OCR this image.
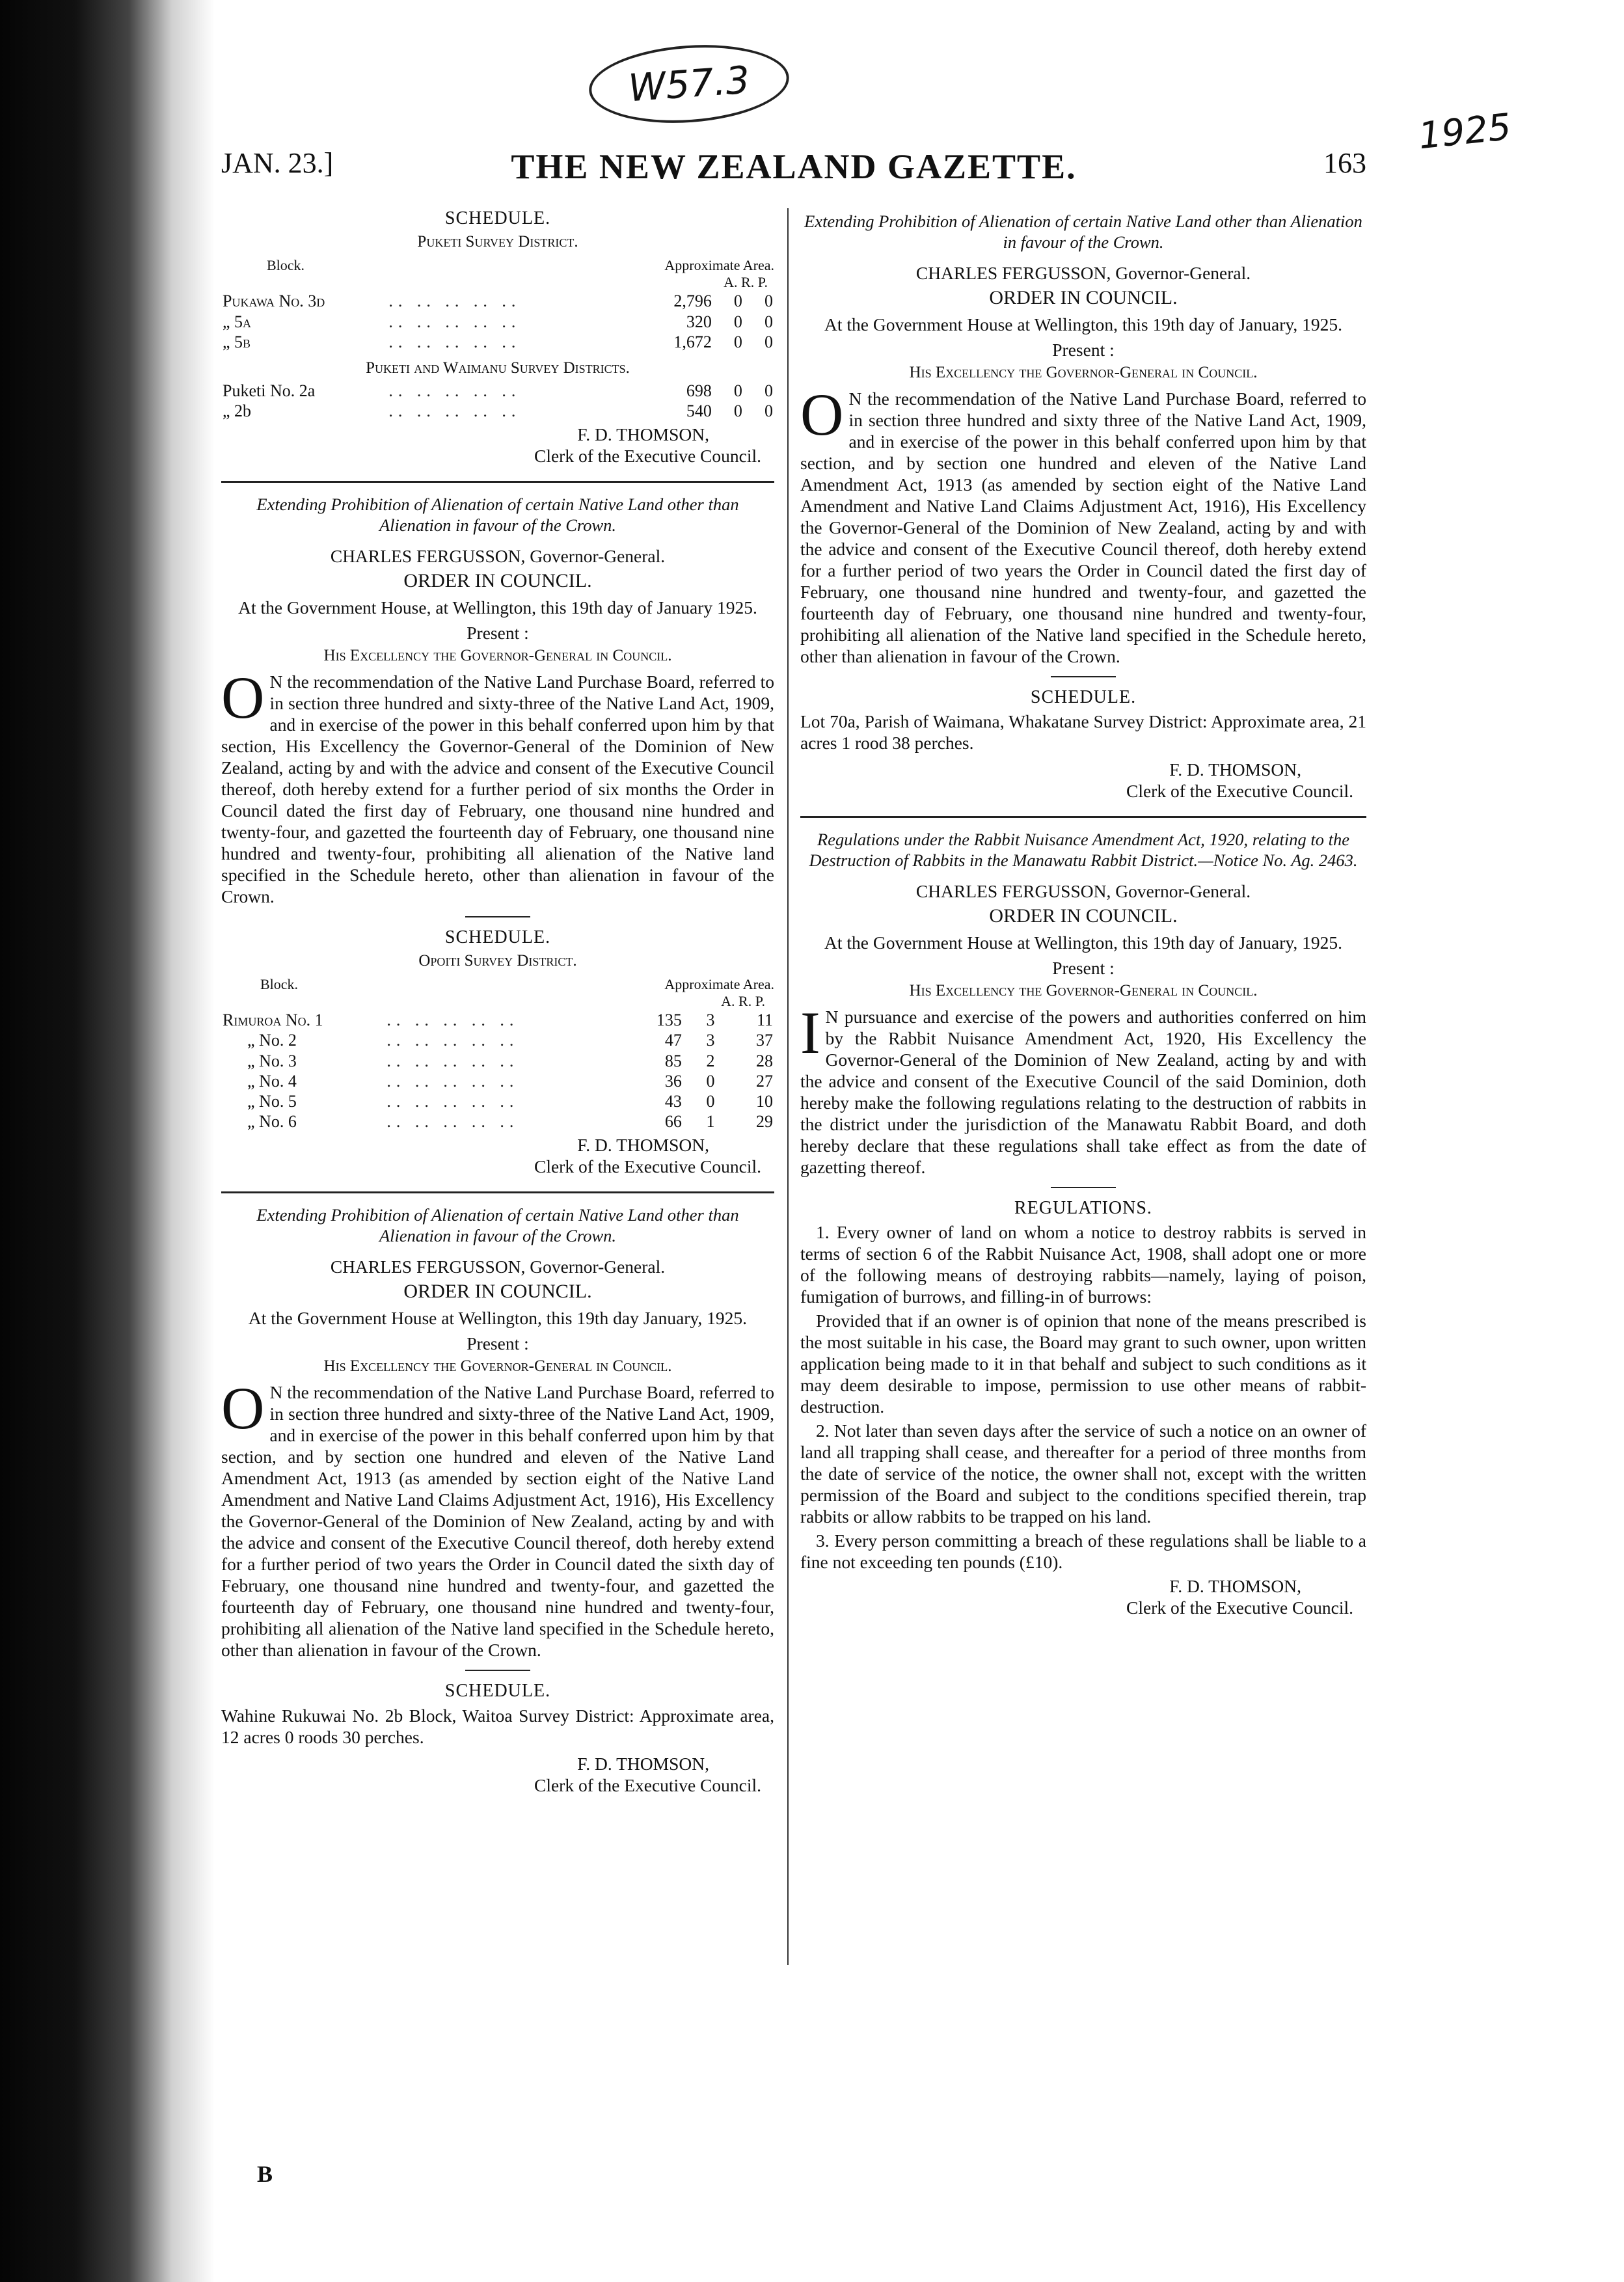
W57.3
1925
THE NEW ZEALAND GAZETTE.
JAN. 23.]	163
SCHEDULE.
Puketi Survey District.
Block.		Approximate Area.		
		A. R. P.		
Pukawa No. 3d	.. .. .. .. ..	2,796	0	0
„ 5a	.. .. .. .. ..	320	0	0
„ 5b	.. .. .. .. ..	1,672	0	0
Puketi and Waimanu Survey Districts.				
Puketi No. 2a	.. .. .. .. ..	698	0	0
„ 2b	.. .. .. .. ..	540	0	0
F. D. THOMSON,
Clerk of the Executive Council.
Extending Prohibition of Alienation of certain Native Land other than Alienation in favour of the Crown.
CHARLES FERGUSSON, Governor-General.
ORDER IN COUNCIL.
At the Government House, at Wellington, this 19th day of January 1925.
Present :
His Excellency the Governor-General in Council.
O N the recommendation of the Native Land Purchase Board, referred to in section three hundred and sixty-three of the Native Land Act, 1909, and in exercise of the power in this behalf conferred upon him by that section, His Excellency the Governor-General of the Dominion of New Zealand, acting by and with the advice and consent of the Executive Council thereof, doth hereby extend for a further period of six months the Order in Council dated the first day of February, one thousand nine hundred and twenty-four, and gazetted the fourteenth day of February, one thousand nine hundred and twenty-four, prohibiting all alienation of the Native land specified in the Schedule hereto, other than alienation in favour of the Crown.
SCHEDULE.
Opoiti Survey District.
Block.		Approximate Area.		
		A. R. P.		
Rimuroa No. 1	.. .. .. .. ..	135	3	11
„ No. 2	.. .. .. .. ..	47	3	37
„ No. 3	.. .. .. .. ..	85	2	28
„ No. 4	.. .. .. .. ..	36	0	27
„ No. 5	.. .. .. .. ..	43	0	10
„ No. 6	.. .. .. .. ..	66	1	29
F. D. THOMSON,
Clerk of the Executive Council.
Extending Prohibition of Alienation of certain Native Land other than Alienation in favour of the Crown.
CHARLES FERGUSSON, Governor-General.
ORDER IN COUNCIL.
At the Government House at Wellington, this 19th day January, 1925.
Present :
His Excellency the Governor-General in Council.
O N the recommendation of the Native Land Purchase Board, referred to in section three hundred and sixty-three of the Native Land Act, 1909, and in exercise of the power in this behalf conferred upon him by that section, and by section one hundred and eleven of the Native Land Amendment Act, 1913 (as amended by section eight of the Native Land Amendment and Native Land Claims Adjustment Act, 1916), His Excellency the Governor-General of the Dominion of New Zealand, acting by and with the advice and consent of the Executive Council thereof, doth hereby extend for a further period of two years the Order in Council dated the sixth day of February, one thousand nine hundred and twenty-four, and gazetted the fourteenth day of February, one thousand nine hundred and twenty-four, prohibiting all alienation of the Native land specified in the Schedule hereto, other than alienation in favour of the Crown.
SCHEDULE.
Wahine Rukuwai No. 2b Block, Waitoa Survey District: Approximate area, 12 acres 0 roods 30 perches.
F. D. THOMSON,
Clerk of the Executive Council.
B
Extending Prohibition of Alienation of certain Native Land other than Alienation in favour of the Crown.
CHARLES FERGUSSON, Governor-General.
ORDER IN COUNCIL.
At the Government House at Wellington, this 19th day of January, 1925.
Present :
His Excellency the Governor-General in Council.
O N the recommendation of the Native Land Purchase Board, referred to in section three hundred and sixty three of the Native Land Act, 1909, and in exercise of the power in this behalf conferred upon him by that section, and by section one hundred and eleven of the Native Land Amendment Act, 1913 (as amended by section eight of the Native Land Amendment and Native Land Claims Adjustment Act, 1916), His Excellency the Governor-General of the Dominion of New Zealand, acting by and with the advice and consent of the Executive Council thereof, doth hereby extend for a further period of two years the Order in Council dated the first day of February, one thousand nine hundred and twenty-four, and gazetted the fourteenth day of February, one thousand nine hundred and twenty-four, prohibiting all alienation of the Native land specified in the Schedule hereto, other than alienation in favour of the Crown.
SCHEDULE.
Lot 70a, Parish of Waimana, Whakatane Survey District: Approximate area, 21 acres 1 rood 38 perches.
F. D. THOMSON,
Clerk of the Executive Council.
Regulations under the Rabbit Nuisance Amendment Act, 1920, relating to the Destruction of Rabbits in the Manawatu Rabbit District.—Notice No. Ag. 2463.
CHARLES FERGUSSON, Governor-General.
ORDER IN COUNCIL.
At the Government House at Wellington, this 19th day of January, 1925.
Present :
His Excellency the Governor-General in Council.
I N pursuance and exercise of the powers and authorities conferred on him by the Rabbit Nuisance Amendment Act, 1920, His Excellency the Governor-General of the Dominion of New Zealand, acting by and with the advice and consent of the Executive Council of the said Dominion, doth hereby make the following regulations relating to the destruction of rabbits in the district under the jurisdiction of the Manawatu Rabbit Board, and doth hereby declare that these regulations shall take effect as from the date of gazetting thereof.
REGULATIONS.
1. Every owner of land on whom a notice to destroy rabbits is served in terms of section 6 of the Rabbit Nuisance Act, 1908, shall adopt one or more of the following means of destroying rabbits—namely, laying of poison, fumigation of burrows, and filling-in of burrows:
Provided that if an owner is of opinion that none of the means prescribed is the most suitable in his case, the Board may grant to such owner, upon written application being made to it in that behalf and subject to such conditions as it may deem desirable to impose, permission to use other means of rabbit-destruction.
2. Not later than seven days after the service of such a notice on an owner of land all trapping shall cease, and thereafter for a period of three months from the date of service of the notice, the owner shall not, except with the written permission of the Board and subject to the conditions specified therein, trap rabbits or allow rabbits to be trapped on his land.
3. Every person committing a breach of these regulations shall be liable to a fine not exceeding ten pounds (£10).
F. D. THOMSON,
Clerk of the Executive Council.
